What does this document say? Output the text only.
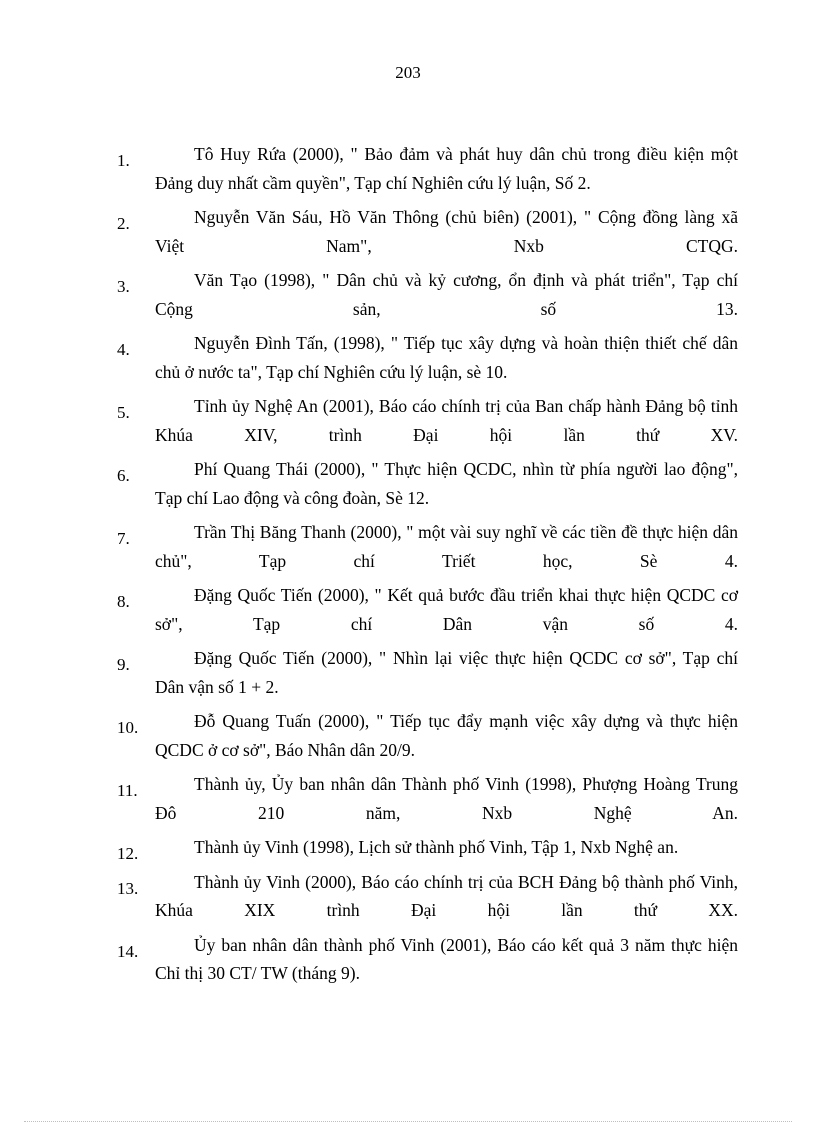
203
1.	Tô Huy Rứa (2000), " Bảo đảm và phát huy dân chủ trong điều kiện một Đảng duy nhất cầm quyền", Tạp chí Nghiên cứu lý luận, Số 2.
2.	Nguyễn Văn Sáu, Hồ Văn Thông (chủ biên) (2001), " Cộng đồng làng xã Việt Nam", Nxb CTQG.
3.	Văn Tạo (1998), " Dân chủ và kỷ cương, ổn định và phát triển", Tạp chí Cộng sản, số 13.
4.	Nguyễn Đình Tấn, (1998), " Tiếp tục xây dựng và hoàn thiện thiết chế dân chủ ở nước ta", Tạp chí Nghiên cứu lý luận, sè 10.
5.	Tỉnh ủy Nghệ An (2001), Báo cáo chính trị của Ban chấp hành Đảng bộ tỉnh Khúa XIV, trình Đại hội lần thứ XV.
6.	Phí Quang Thái (2000), " Thực hiện QCDC, nhìn từ phía người lao động", Tạp chí Lao động và công đoàn, Sè 12.
7.	Trần Thị Băng Thanh (2000), " một vài suy nghĩ về các tiền đề thực hiện dân chủ", Tạp chí Triết học, Sè 4.
8.	Đặng Quốc Tiến (2000), " Kết quả bước đầu triển khai thực hiện QCDC cơ sở", Tạp chí Dân vận số 4.
9.	Đặng Quốc Tiến (2000), " Nhìn lại việc thực hiện QCDC cơ sở", Tạp chí Dân vận số 1 + 2.
10.	Đỗ Quang Tuấn (2000), " Tiếp tục đẩy mạnh việc xây dựng và thực hiện QCDC ở cơ sở", Báo Nhân dân 20/9.
11.	Thành ủy, Ủy ban nhân dân Thành phố Vinh (1998), Phượng Hoàng Trung Đô 210 năm, Nxb Nghệ An.
12.	Thành ủy Vinh (1998), Lịch sử thành phố Vinh, Tập 1, Nxb Nghệ an.
13.	Thành ủy Vinh (2000), Báo cáo chính trị của BCH Đảng bộ thành phố Vinh, Khúa XIX trình Đại hội lần thứ XX.
14.	Ủy ban nhân dân thành phố Vinh (2001), Báo cáo kết quả 3 năm thực hiện Chỉ thị 30 CT/ TW (tháng 9).
